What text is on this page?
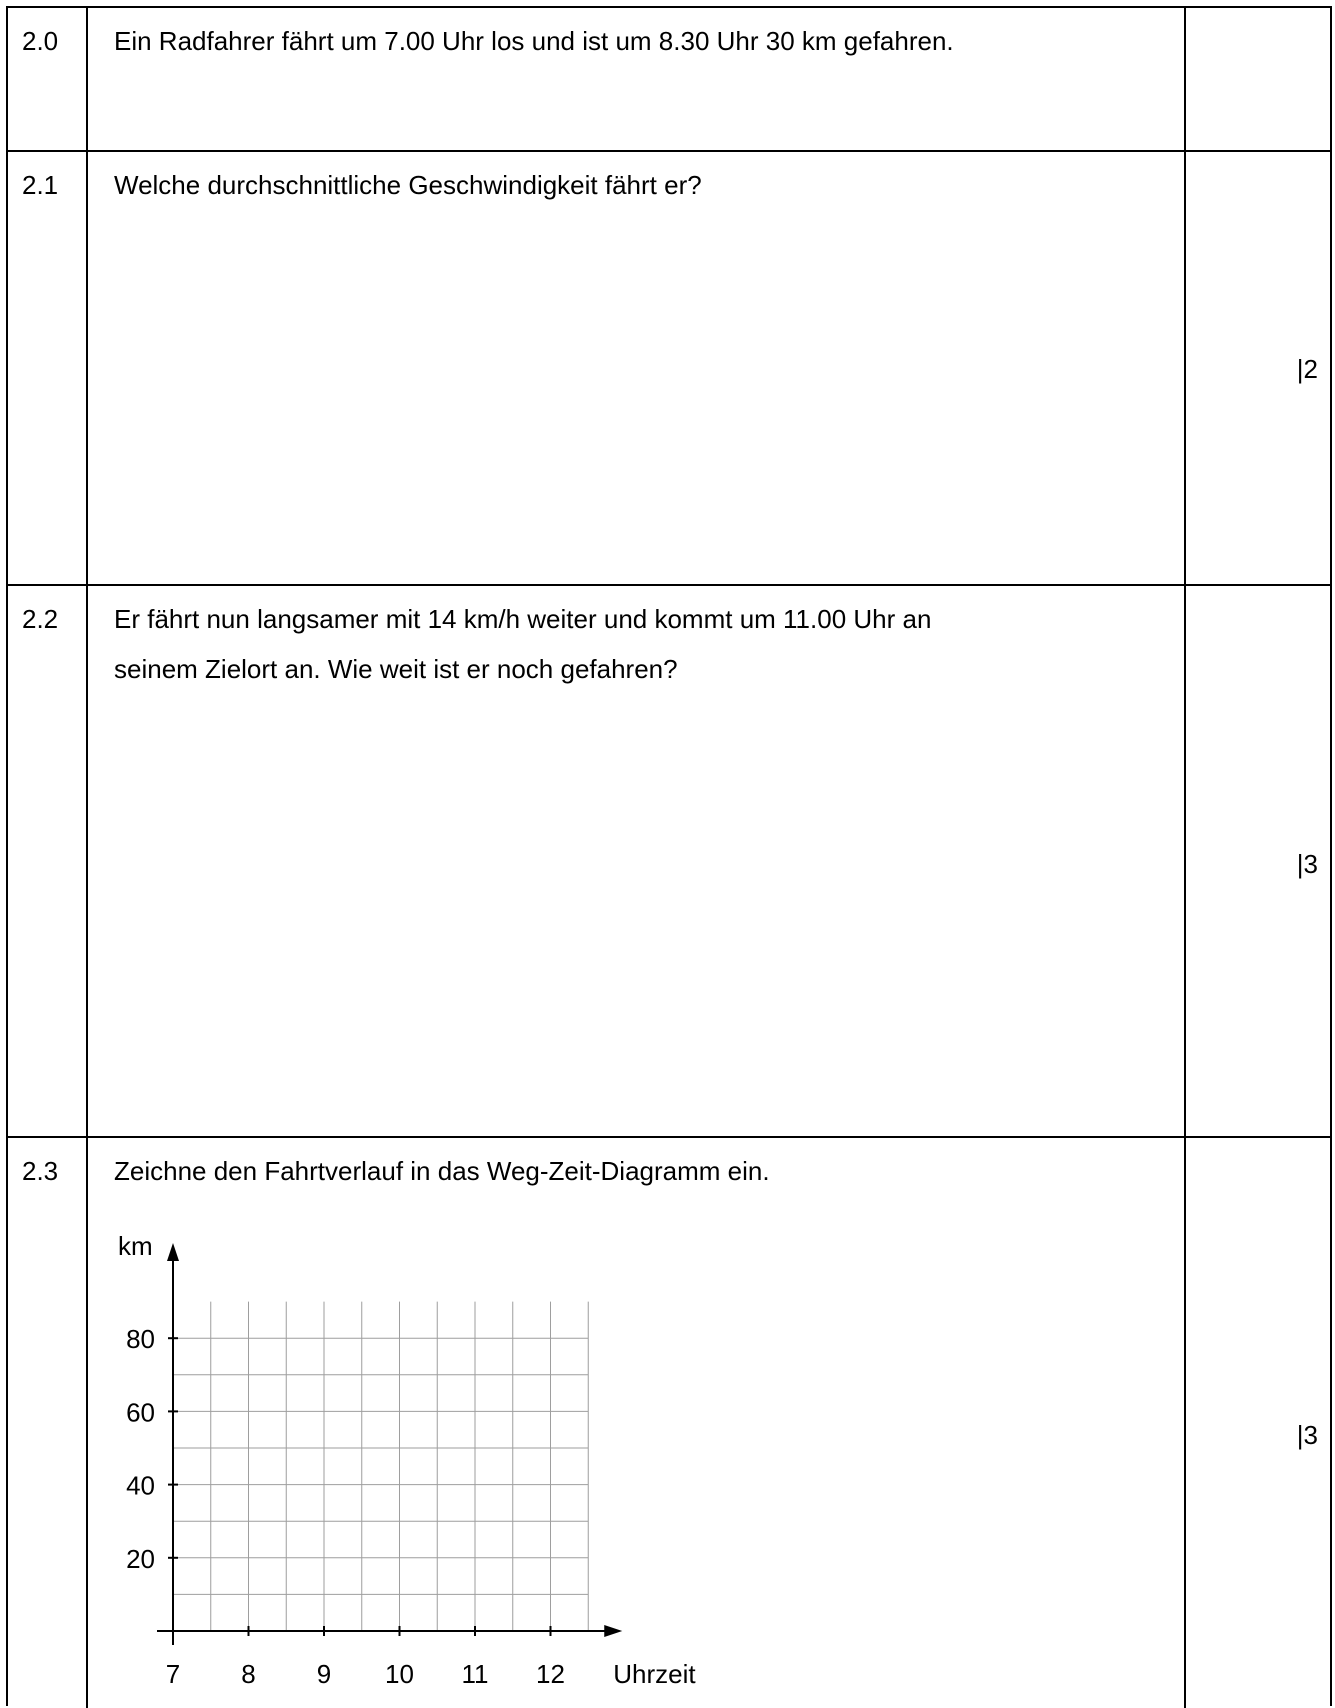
2.0 Ein Radfahrer fährt um 7.00 Uhr los und ist um 8.30 Uhr 30 km gefahren.
2.1 Welche durchschnittliche Geschwindigkeit fährt er?
|2
2.2 Er fährt nun langsamer mit 14 km/h weiter und kommt um 11.00 Uhr an
seinem Zielort an. Wie weit ist er noch gefahren?
|3
2.3 Zeichne den Fahrtverlauf in das Weg-Zeit-Diagramm ein.
|3
7 8 9 10 11 12
20
40
60
80
km
Uhrzeit
